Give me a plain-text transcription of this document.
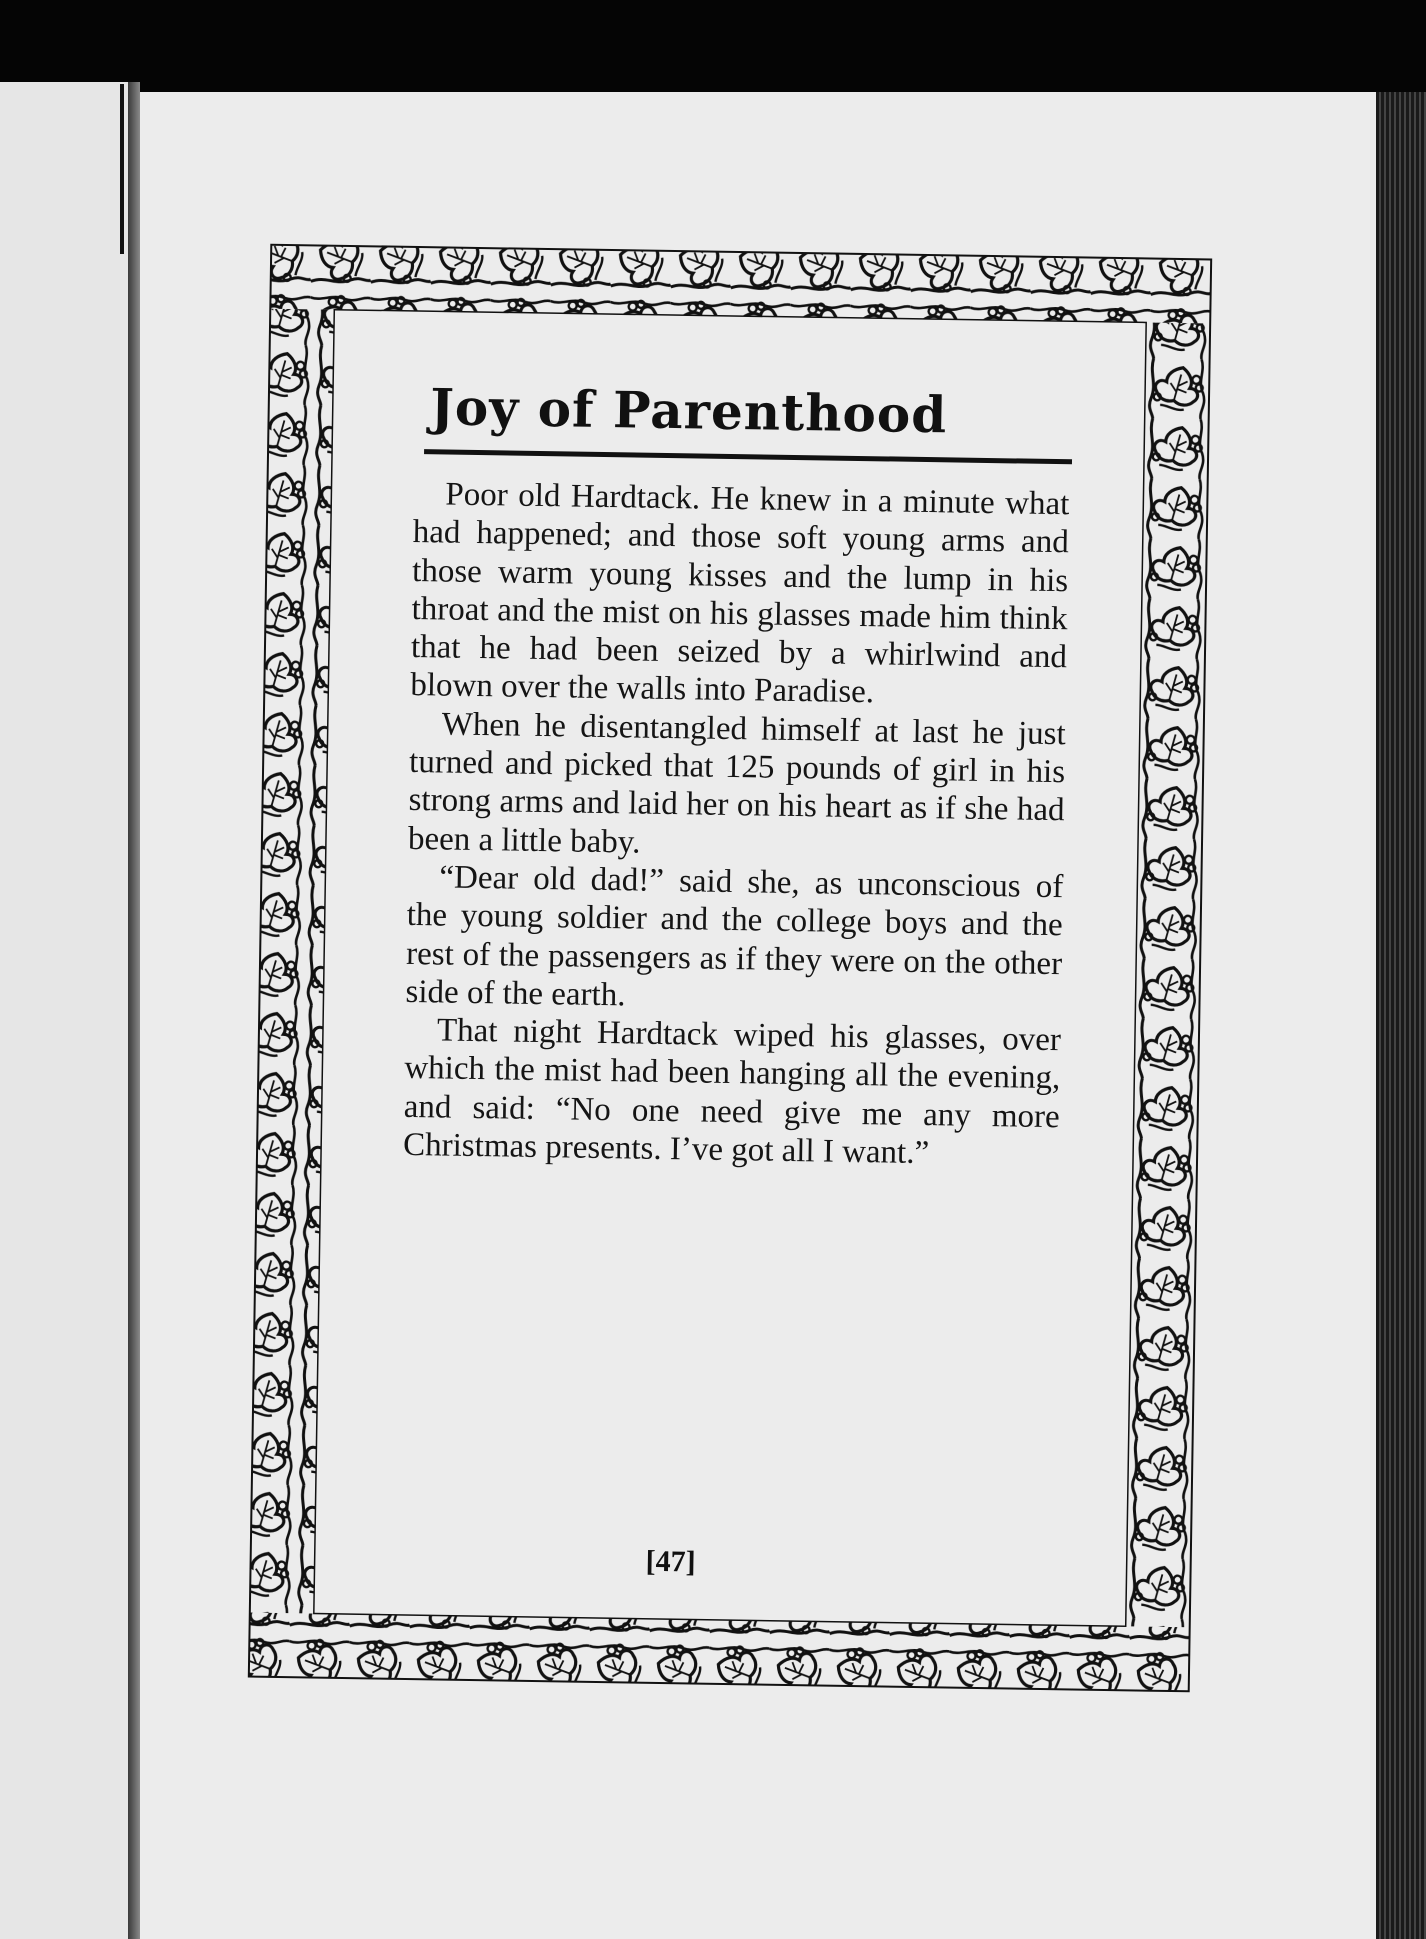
Joy of Parenthood

Poor old Hardtack. He knew in a minute what had happened; and those soft young arms and those warm young kisses and the lump in his throat and the mist on his glasses made him think that he had been seized by a whirlwind and blown over the walls into Paradise.

When he disentangled himself at last he just turned and picked that 125 pounds of girl in his strong arms and laid her on his heart as if she had been a little baby.

“Dear old dad!” said she, as unconscious of the young soldier and the college boys and the rest of the passengers as if they were on the other side of the earth.

That night Hardtack wiped his glasses, over which the mist had been hanging all the evening, and said: “No one need give me any more Christmas presents. I’ve got all I want.”

[47]
